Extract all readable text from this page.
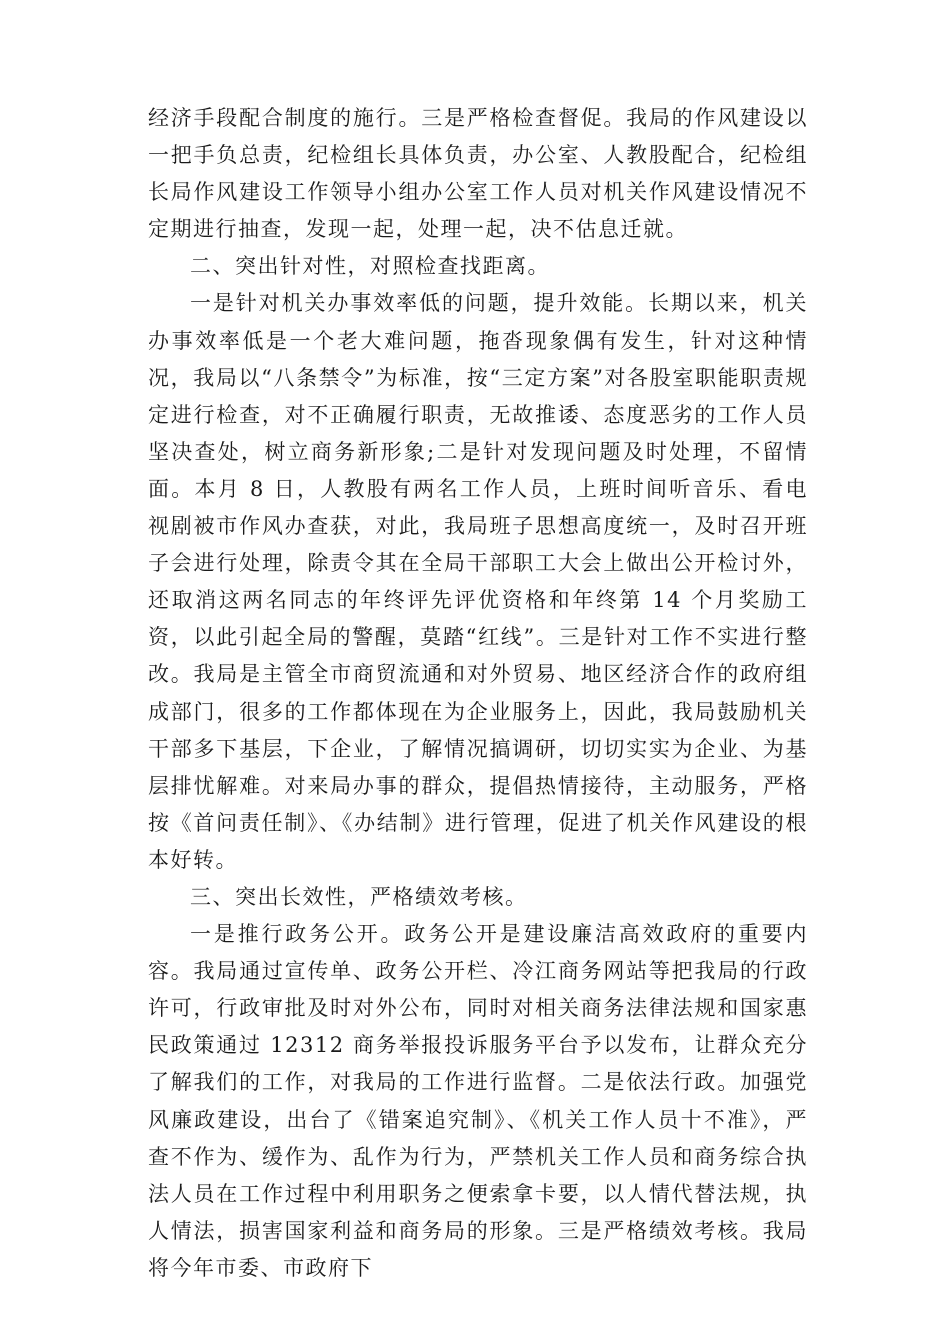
经济手段配合制度的施行。三是严格检查督促。我局的作风建设以一把手负总责，纪检组长具体负责，办公室、人教股配合，纪检组长局作风建设工作领导小组办公室工作人员对机关作风建设情况不定期进行抽查，发现一起，处理一起，决不估息迁就。

二、突出针对性，对照检查找距离。

一是针对机关办事效率低的问题，提升效能。长期以来，机关办事效率低是一个老大难问题，拖沓现象偶有发生，针对这种情况，我局以“八条禁令”为标准，按“三定方案”对各股室职能职责规定进行检查，对不正确履行职责，无故推诿、态度恶劣的工作人员坚决查处，树立商务新形象;二是针对发现问题及时处理，不留情面。本月 8 日，人教股有两名工作人员，上班时间听音乐、看电视剧被市作风办查获，对此，我局班子思想高度统一，及时召开班子会进行处理，除责令其在全局干部职工大会上做出公开检讨外，还取消这两名同志的年终评先评优资格和年终第 14 个月奖励工资，以此引起全局的警醒，莫踏“红线”。三是针对工作不实进行整改。我局是主管全市商贸流通和对外贸易、地区经济合作的政府组成部门，很多的工作都体现在为企业服务上，因此，我局鼓励机关干部多下基层，下企业，了解情况搞调研，切切实实为企业、为基层排忧解难。对来局办事的群众，提倡热情接待，主动服务，严格按《首问责任制》、《办结制》进行管理，促进了机关作风建设的根本好转。

三、突出长效性，严格绩效考核。

一是推行政务公开。政务公开是建设廉洁高效政府的重要内容。我局通过宣传单、政务公开栏、冷江商务网站等把我局的行政许可，行政审批及时对外公布，同时对相关商务法律法规和国家惠民政策通过 12312 商务举报投诉服务平台予以发布，让群众充分了解我们的工作，对我局的工作进行监督。二是依法行政。加强党风廉政建设，出台了《错案追究制》、《机关工作人员十不准》，严查不作为、缓作为、乱作为行为，严禁机关工作人员和商务综合执法人员在工作过程中利用职务之便索拿卡要，以人情代替法规，执人情法，损害国家利益和商务局的形象。三是严格绩效考核。我局将今年市委、市政府下
